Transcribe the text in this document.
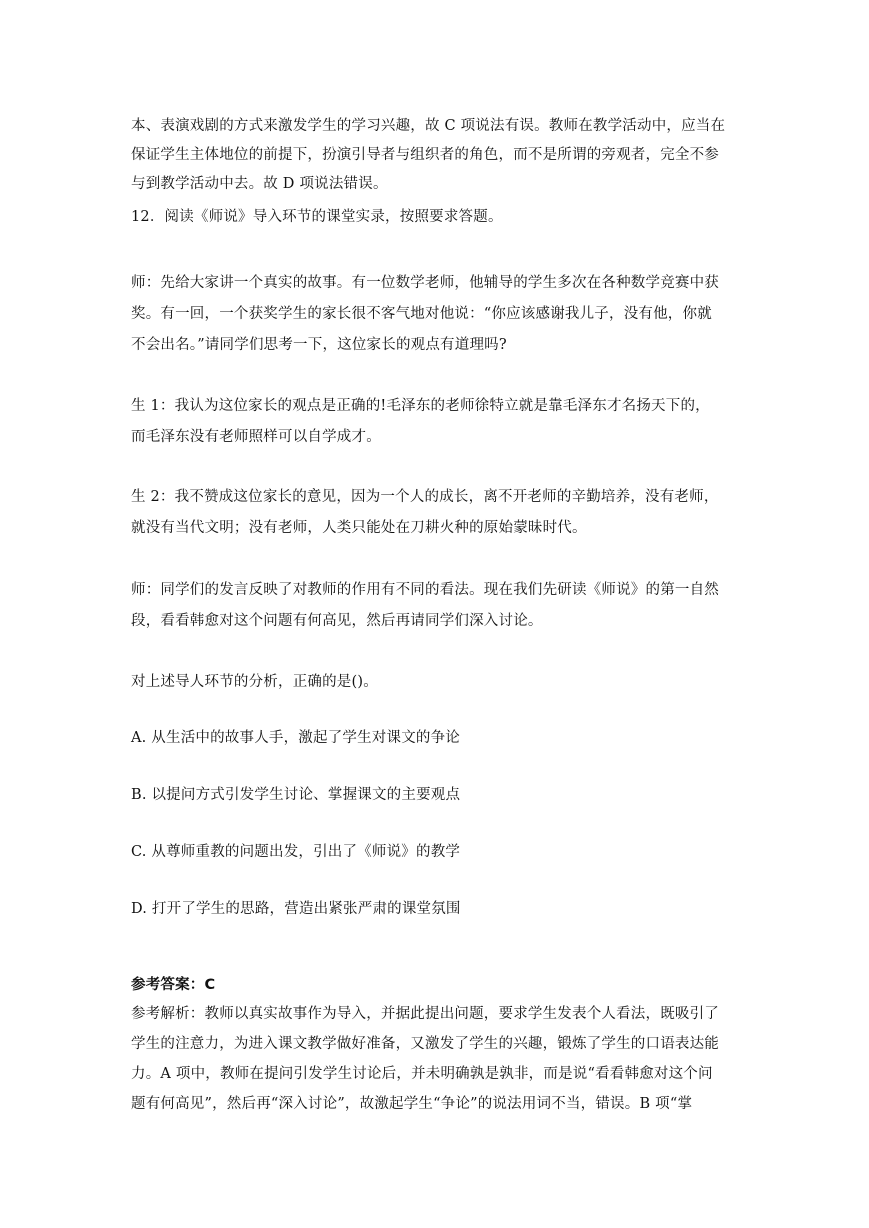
本、表演戏剧的方式来激发学生的学习兴趣，故 C 项说法有误。教师在教学活动中，应当在
保证学生主体地位的前提下，扮演引导者与组织者的角色，而不是所谓的旁观者，完全不参
与到教学活动中去。故 D 项说法错误。
12．阅读《师说》导入环节的课堂实录，按照要求答题。
师：先给大家讲一个真实的故事。有一位数学老师，他辅导的学生多次在各种数学竞赛中获
奖。有一回，一个获奖学生的家长很不客气地对他说：“你应该感谢我儿子，没有他，你就
不会出名。”请同学们思考一下，这位家长的观点有道理吗?
生 1：我认为这位家长的观点是正确的!毛泽东的老师徐特立就是靠毛泽东才名扬天下的，
而毛泽东没有老师照样可以自学成才。
生 2：我不赞成这位家长的意见，因为一个人的成长，离不开老师的辛勤培养，没有老师，
就没有当代文明；没有老师，人类只能处在刀耕火种的原始蒙昧时代。
师：同学们的发言反映了对教师的作用有不同的看法。现在我们先研读《师说》的第一自然
段，看看韩愈对这个问题有何高见，然后再请同学们深入讨论。
对上述导人环节的分析，正确的是()。
A. 从生活中的故事人手，激起了学生对课文的争论
B. 以提问方式引发学生讨论、掌握课文的主要观点
C. 从尊师重教的问题出发，引出了《师说》的教学
D. 打开了学生的思路，营造出紧张严肃的课堂氛围
参考答案：C
参考解析：教师以真实故事作为导入，并据此提出问题，要求学生发表个人看法，既吸引了
学生的注意力，为进入课文教学做好准备，又激发了学生的兴趣，锻炼了学生的口语表达能
力。A 项中，教师在提问引发学生讨论后，并未明确孰是孰非，而是说“看看韩愈对这个问
题有何高见”，然后再“深入讨论”，故激起学生“争论”的说法用词不当，错误。B 项“掌
